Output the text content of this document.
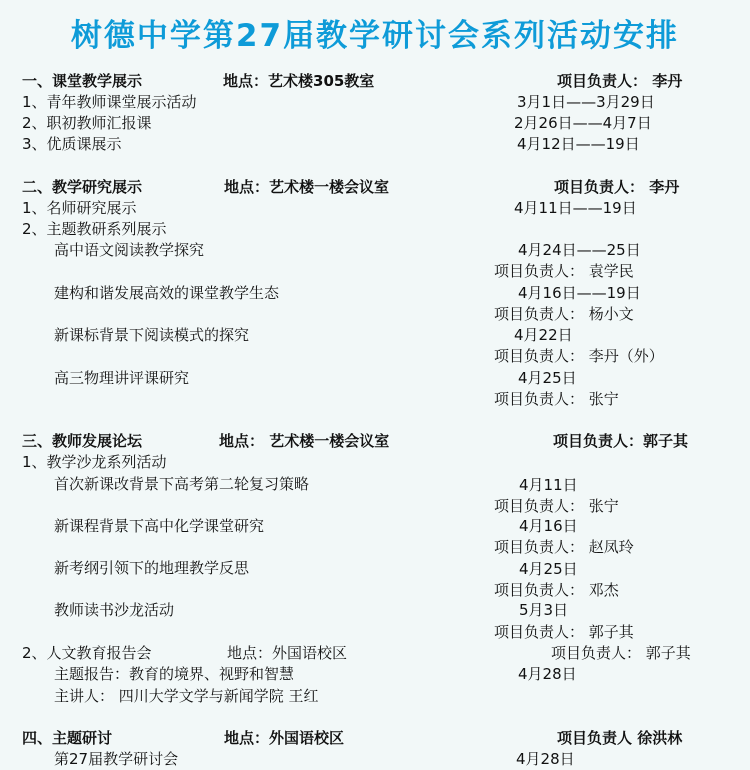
树德中学第27届教学研讨会系列活动安排
一、课堂教学展示	地点：艺术楼305教室	项目负责人： 李丹
1、青年教师课堂展示活动	3月1日——3月29日
2、职初教师汇报课	2月26日——4月7日
3、优质课展示	4月12日——19日
二、教学研究展示	地点：艺术楼一楼会议室	项目负责人： 李丹
1、名师研究展示	4月11日——19日
2、主题教研系列展示
高中语文阅读教学探究	4月24日——25日
项目负责人： 袁学民
建构和谐发展高效的课堂教学生态	4月16日——19日
项目负责人： 杨小文
新课标背景下阅读模式的探究	4月22日
项目负责人： 李丹（外）
高三物理讲评课研究	4月25日
项目负责人： 张宁
三、教师发展论坛	地点： 艺术楼一楼会议室	项目负责人：郭子其
1、教学沙龙系列活动
首次新课改背景下高考第二轮复习策略	4月11日
项目负责人： 张宁
新课程背景下高中化学课堂研究	4月16日
项目负责人： 赵凤玲
新考纲引领下的地理教学反思	4月25日
项目负责人： 邓杰
教师读书沙龙活动	5月3日
项目负责人： 郭子其
2、人文教育报告会	地点：外国语校区	项目负责人： 郭子其
主题报告：教育的境界、视野和智慧	4月28日
主讲人： 四川大学文学与新闻学院 王红
四、主题研讨	地点：外国语校区	项目负责人 徐洪林
第27届教学研讨会	4月28日
